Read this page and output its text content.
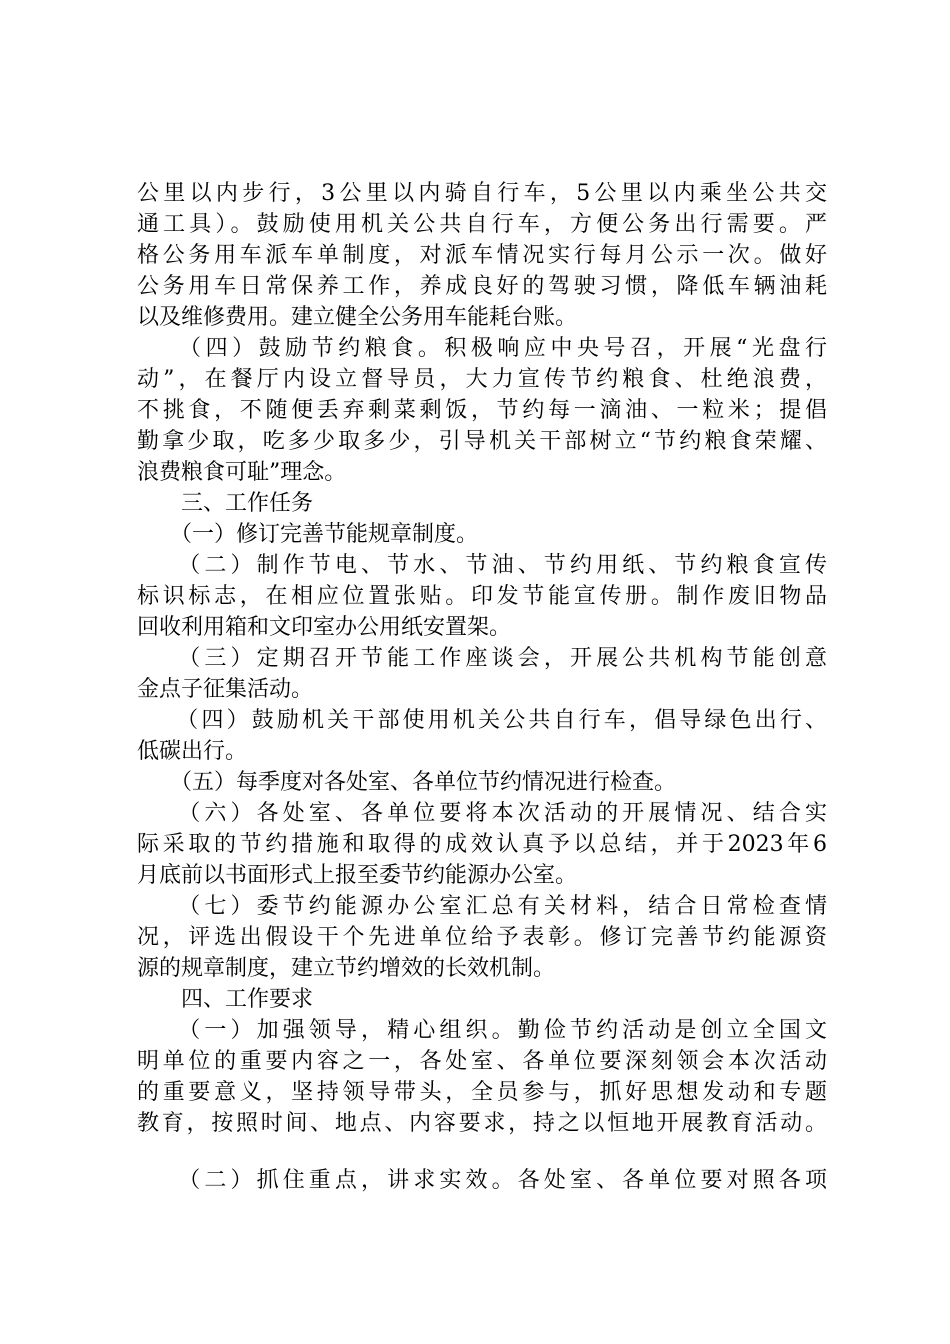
公里以内步行，3公里以内骑自行车，5公里以内乘坐公共交
通工具）。鼓励使用机关公共自行车，方便公务出行需要。严
格公务用车派车单制度，对派车情况实行每月公示一次。做好
公务用车日常保养工作，养成良好的驾驶习惯，降低车辆油耗
以及维修费用。建立健全公务用车能耗台账。
　　（四）鼓励节约粮食。积极响应中央号召，开展“光盘行
动”，在餐厅内设立督导员，大力宣传节约粮食、杜绝浪费，
不挑食，不随便丢弃剩菜剩饭，节约每一滴油、一粒米；提倡
勤拿少取，吃多少取多少，引导机关干部树立“节约粮食荣耀、
浪费粮食可耻”理念。
　　三、工作任务
　　（一）修订完善节能规章制度。
　　（二）制作节电、节水、节油、节约用纸、节约粮食宣传
标识标志，在相应位置张贴。印发节能宣传册。制作废旧物品
回收利用箱和文印室办公用纸安置架。
　　（三）定期召开节能工作座谈会，开展公共机构节能创意
金点子征集活动。
　　（四）鼓励机关干部使用机关公共自行车，倡导绿色出行、
低碳出行。
　　（五）每季度对各处室、各单位节约情况进行检查。
　　（六）各处室、各单位要将本次活动的开展情况、结合实
际采取的节约措施和取得的成效认真予以总结，并于2023年6
月底前以书面形式上报至委节约能源办公室。
　　（七）委节约能源办公室汇总有关材料，结合日常检查情
况，评选出假设干个先进单位给予表彰。修订完善节约能源资
源的规章制度，建立节约增效的长效机制。
　　四、工作要求
　　（一）加强领导，精心组织。勤俭节约活动是创立全国文
明单位的重要内容之一，各处室、各单位要深刻领会本次活动
的重要意义，坚持领导带头，全员参与，抓好思想发动和专题
教育，按照时间、地点、内容要求，持之以恒地开展教育活动。
　　（二）抓住重点，讲求实效。各处室、各单位要对照各项
